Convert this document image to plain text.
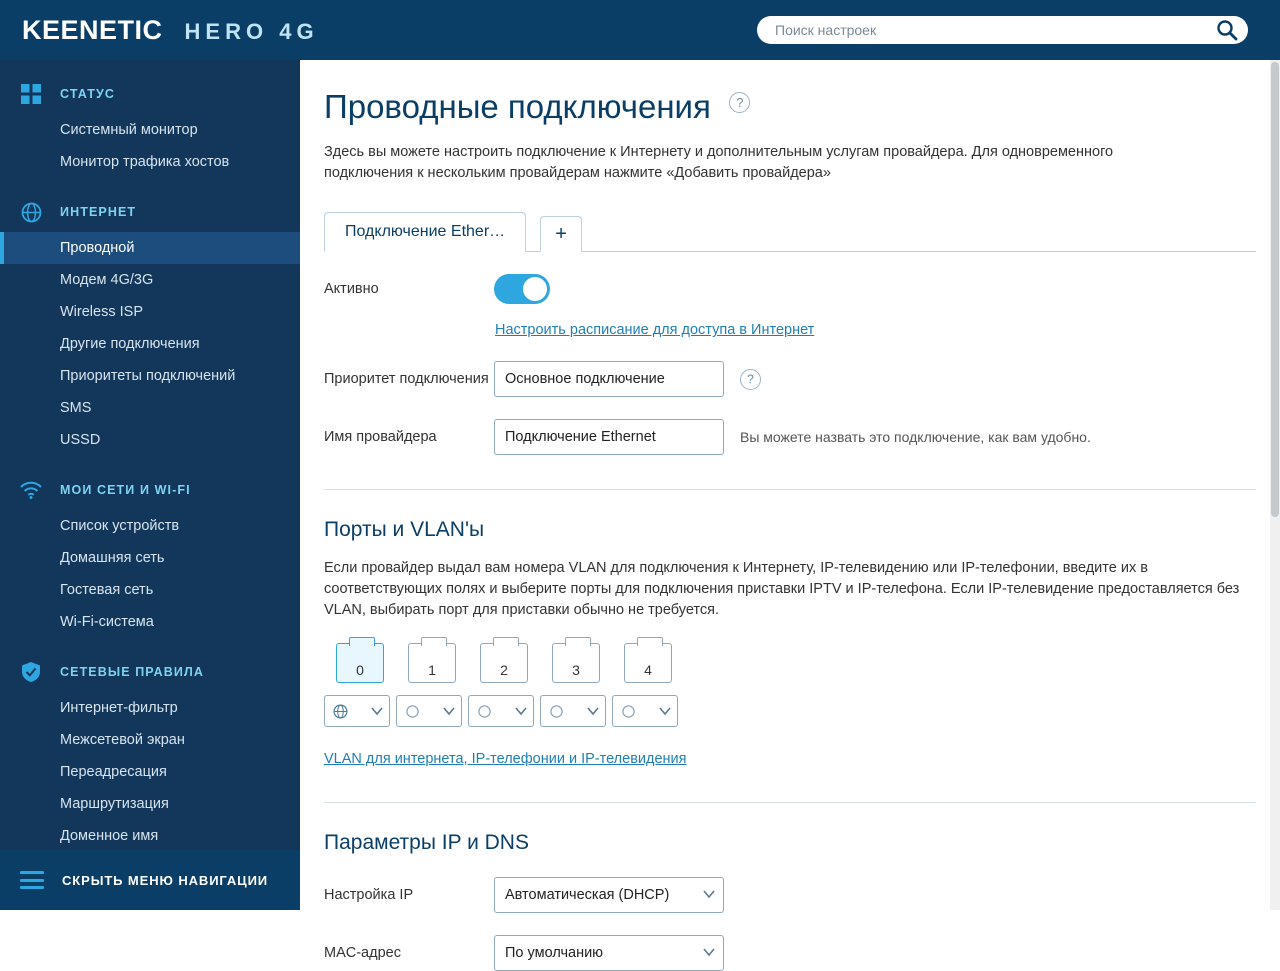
KEENETIC HERO 4G
Поиск настроек
СТАТУС
Системный монитор
Монитор трафика хостов
ИНТЕРНЕТ
Проводной
Модем 4G/3G
Wireless ISP
Другие подключения
Приоритеты подключений
SMS
USSD
МОИ СЕТИ И WI-FI
Список устройств
Домашняя сеть
Гостевая сеть
Wi-Fi-система
СЕТЕВЫЕ ПРАВИЛА
Интернет-фильтр
Межсетевой экран
Переадресация
Маршрутизация
Доменное имя
СКРЫТЬ МЕНЮ НАВИГАЦИИ
Проводные подключения ?
Здесь вы можете настроить подключение к Интернету и дополнительным услугам провайдера. Для одновременного подключения к нескольким провайдерам нажмите «Добавить провайдера»
Подключение Ether…	+
Активно
Настроить расписание для доступа в Интернет
Приоритет подключения	Основное подключение	?
Имя провайдера	Подключение Ethernet	Вы можете назвать это подключение, как вам удобно.
Порты и VLAN'ы
Если провайдер выдал вам номера VLAN для подключения к Интернету, IP-телевидению или IP-телефонии, введите их в соответствующих полях и выберите порты для подключения приставки IPTV и IP-телефона. Если IP-телевидение предоставляется без VLAN, выбирать порт для приставки обычно не требуется.
0	1	2	3	4
VLAN для интернета, IP-телефонии и IP-телевидения
Параметры IP и DNS
Настройка IP	Автоматическая (DHCP)
MAC-адрес	По умолчанию
